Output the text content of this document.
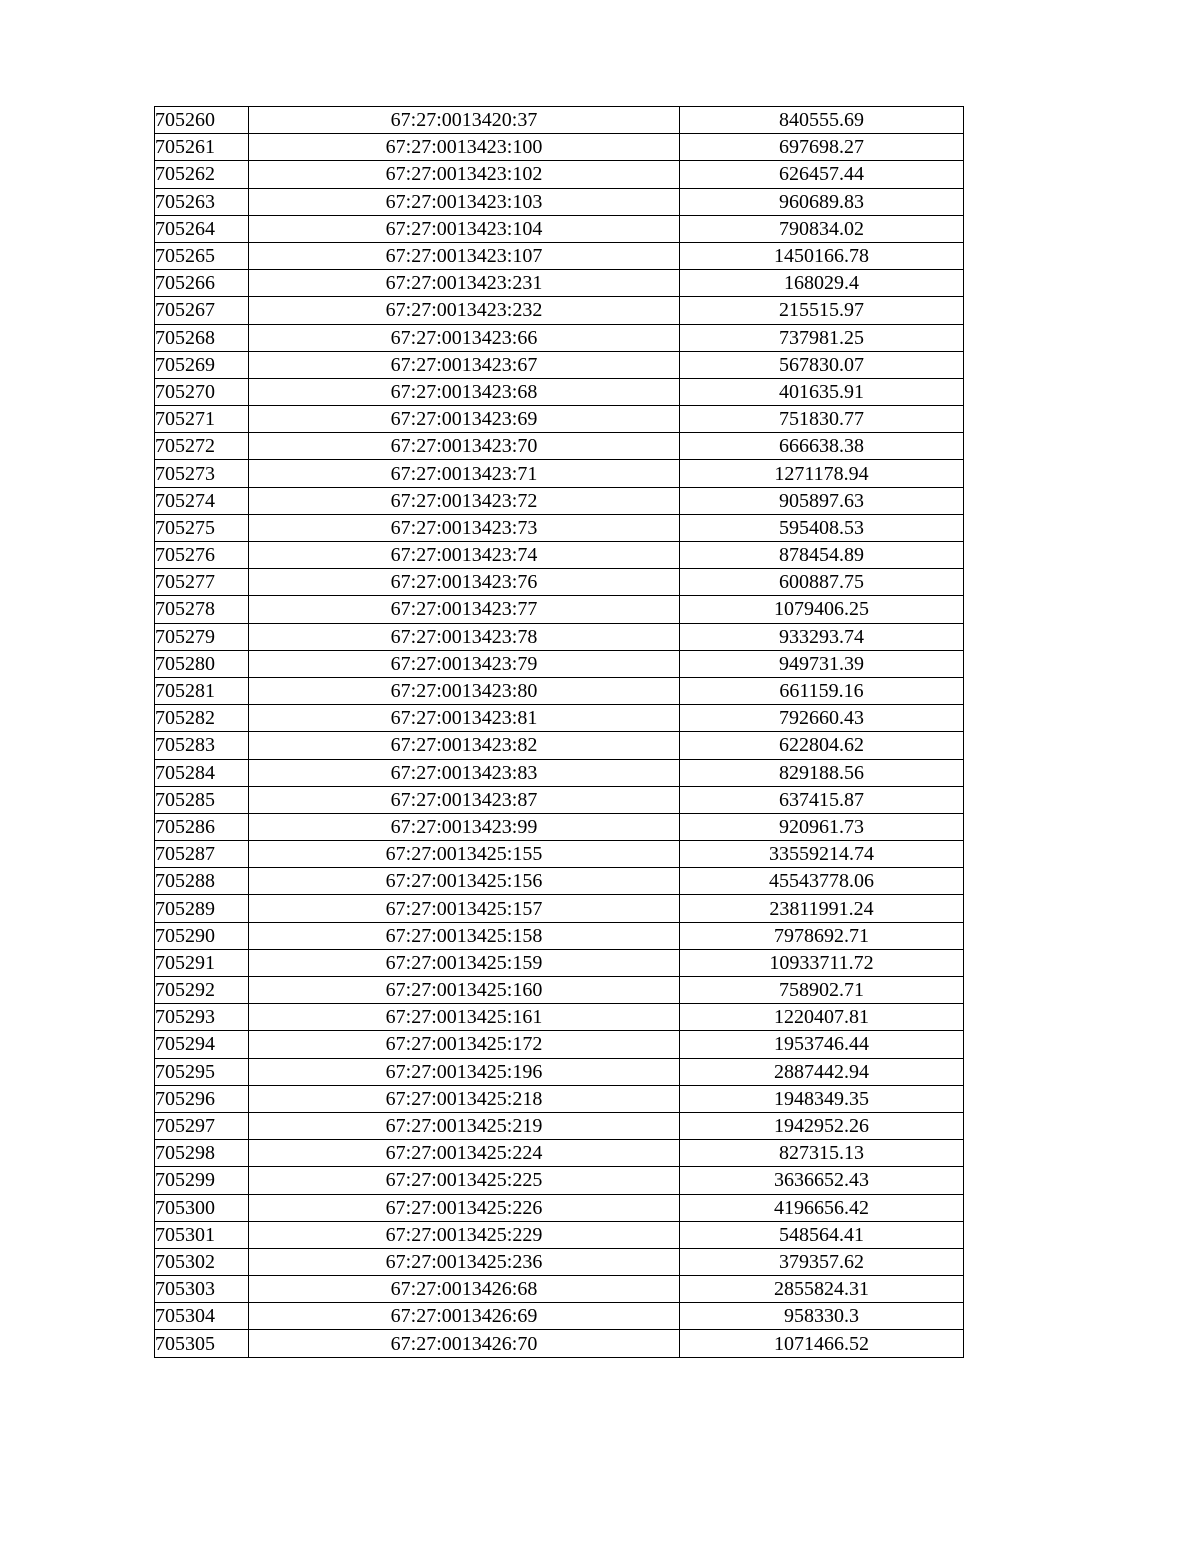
705260	67:27:0013420:37	840555.69
705261	67:27:0013423:100	697698.27
705262	67:27:0013423:102	626457.44
705263	67:27:0013423:103	960689.83
705264	67:27:0013423:104	790834.02
705265	67:27:0013423:107	1450166.78
705266	67:27:0013423:231	168029.4
705267	67:27:0013423:232	215515.97
705268	67:27:0013423:66	737981.25
705269	67:27:0013423:67	567830.07
705270	67:27:0013423:68	401635.91
705271	67:27:0013423:69	751830.77
705272	67:27:0013423:70	666638.38
705273	67:27:0013423:71	1271178.94
705274	67:27:0013423:72	905897.63
705275	67:27:0013423:73	595408.53
705276	67:27:0013423:74	878454.89
705277	67:27:0013423:76	600887.75
705278	67:27:0013423:77	1079406.25
705279	67:27:0013423:78	933293.74
705280	67:27:0013423:79	949731.39
705281	67:27:0013423:80	661159.16
705282	67:27:0013423:81	792660.43
705283	67:27:0013423:82	622804.62
705284	67:27:0013423:83	829188.56
705285	67:27:0013423:87	637415.87
705286	67:27:0013423:99	920961.73
705287	67:27:0013425:155	33559214.74
705288	67:27:0013425:156	45543778.06
705289	67:27:0013425:157	23811991.24
705290	67:27:0013425:158	7978692.71
705291	67:27:0013425:159	10933711.72
705292	67:27:0013425:160	758902.71
705293	67:27:0013425:161	1220407.81
705294	67:27:0013425:172	1953746.44
705295	67:27:0013425:196	2887442.94
705296	67:27:0013425:218	1948349.35
705297	67:27:0013425:219	1942952.26
705298	67:27:0013425:224	827315.13
705299	67:27:0013425:225	3636652.43
705300	67:27:0013425:226	4196656.42
705301	67:27:0013425:229	548564.41
705302	67:27:0013425:236	379357.62
705303	67:27:0013426:68	2855824.31
705304	67:27:0013426:69	958330.3
705305	67:27:0013426:70	1071466.52
